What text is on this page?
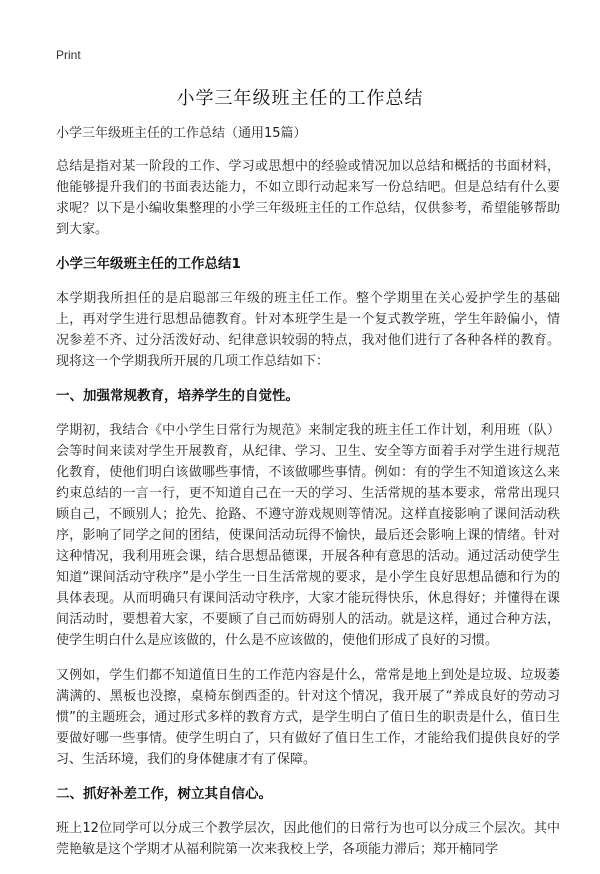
Print
小学三年级班主任的工作总结
小学三年级班主任的工作总结（通用15篇）

总结是指对某一阶段的工作、学习或思想中的经验或情况加以总结和概括的书面材料，他能够提升我们的书面表达能力，不如立即行动起来写一份总结吧。但是总结有什么要求呢？以下是小编收集整理的小学三年级班主任的工作总结，仅供参考，希望能够帮助到大家。

小学三年级班主任的工作总结1

本学期我所担任的是启聪部三年级的班主任工作。整个学期里在关心爱护学生的基础上，再对学生进行思想品德教育。针对本班学生是一个复式教学班，学生年龄偏小，情况参差不齐、过分活泼好动、纪律意识较弱的特点，我对他们进行了各种各样的教育。现将这一个学期我所开展的几项工作总结如下：

一、加强常规教育，培养学生的自觉性。

学期初，我结合《中小学生日常行为规范》来制定我的班主任工作计划，利用班（队）会等时间来读对学生开展教育，从纪律、学习、卫生、安全等方面着手对学生进行规范化教育，使他们明白该做哪些事情，不该做哪些事情。例如：有的学生不知道该这么来约束总结的一言一行，更不知道自己在一天的学习、生活常规的基本要求，常常出现只顾自己，不顾别人；抢先、抢路、不遵守游戏规则等情况。这样直接影响了课间活动秩序，影响了同学之间的团结，使课间活动玩得不愉快，最后还会影响上课的情绪。针对这种情况，我利用班会课，结合思想品德课，开展各种有意思的活动。通过活动使学生知道“课间活动守秩序”是小学生一日生活常规的要求，是小学生良好思想品德和行为的具体表现。从而明确只有课间活动守秩序，大家才能玩得快乐，休息得好；并懂得在课间活动时，要想着大家，不要顾了自己而妨碍别人的活动。就是这样，通过合种方法，使学生明白什么是应该做的，什么是不应该做的，使他们形成了良好的习惯。

又例如，学生们都不知道值日生的工作范内容是什么，常常是地上到处是垃圾、垃圾萎满满的、黑板也没擦，桌椅东倒西歪的。针对这个情况，我开展了“养成良好的劳动习惯”的主题班会，通过形式多样的教育方式，是学生明白了值日生的职责是什么，值日生要做好哪一些事情。使学生明白了，只有做好了值日生工作，才能给我们提供良好的学习、生活环境，我们的身体健康才有了保障。

二、抓好补差工作，树立其自信心。

班上12位同学可以分成三个教学层次，因此他们的日常行为也可以分成三个层次。其中莞艳敏是这个学期才从福利院第一次来我校上学，各项能力滞后；郑开楠同学
